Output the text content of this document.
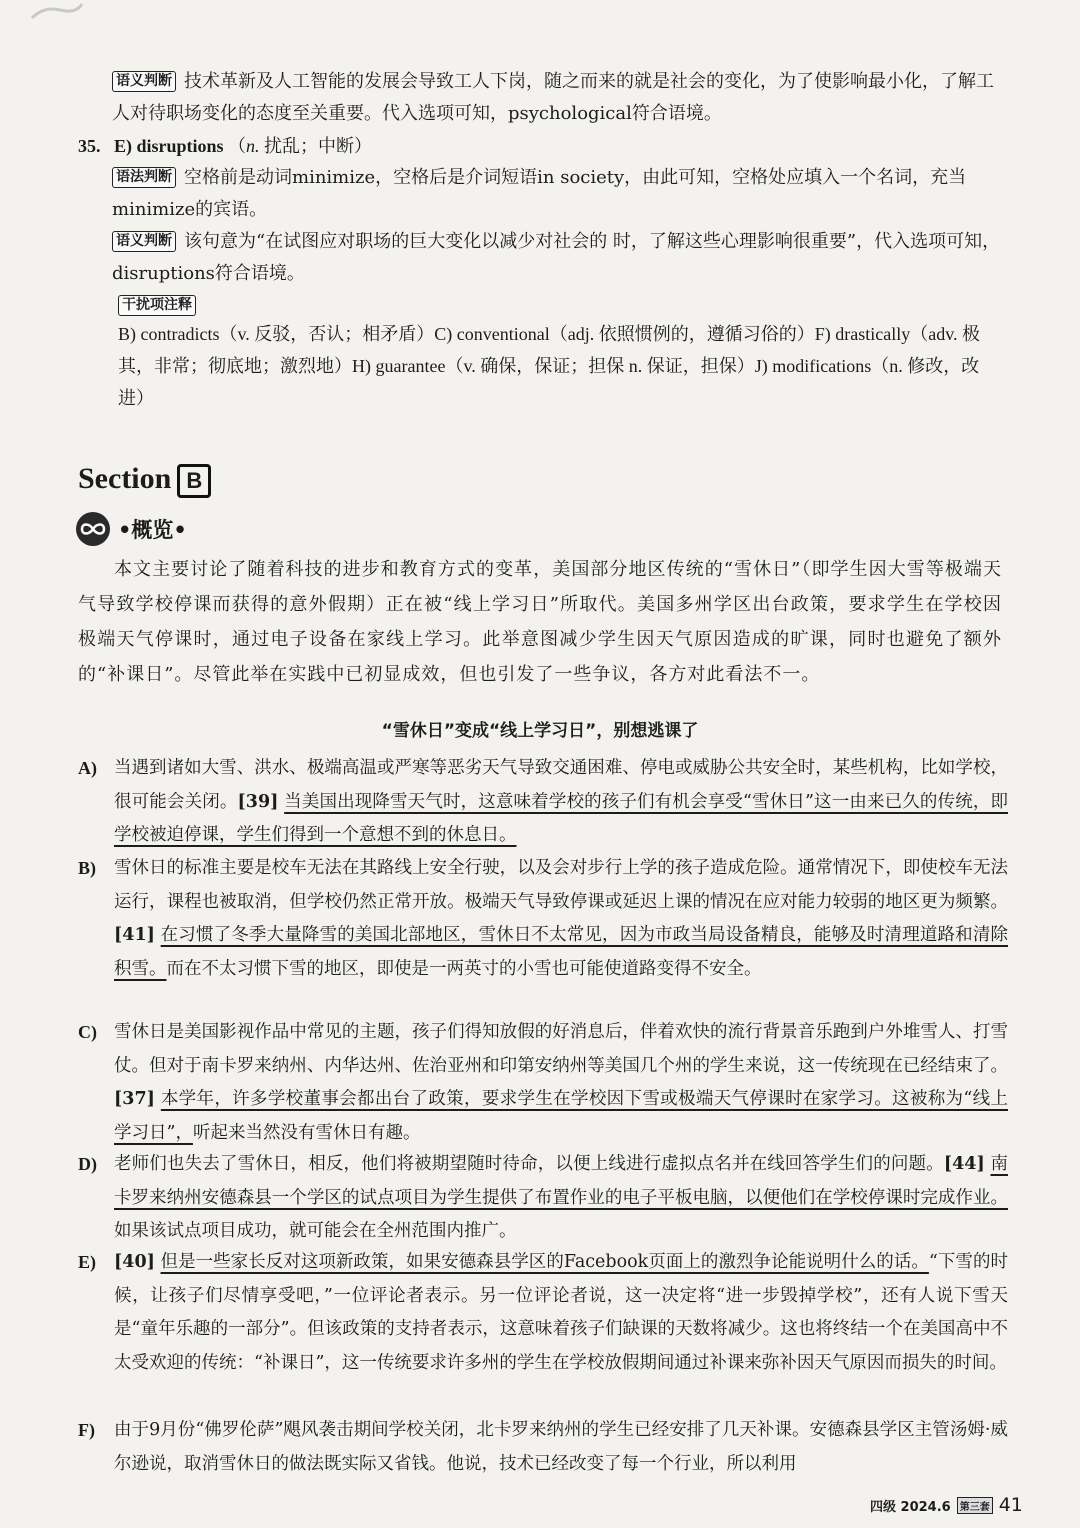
语义判断 技术革新及人工智能的发展会导致工人下岗，随之而来的就是社会的变化，为了使影响最小化，了解工人对待职场变化的态度至关重要。代入选项可知，psychological符合语境。
35. E) disruptions （n. 扰乱；中断）
语法判断 空格前是动词minimize，空格后是介词短语in society，由此可知，空格处应填入一个名词，充当minimize的宾语。
语义判断 该句意为“在试图应对职场的巨大变化以减少对社会的 时，了解这些心理影响很重要”，代入选项可知，disruptions符合语境。
干扰项注释
B) contradicts（v. 反驳，否认；相矛盾）C) conventional（adj. 依照惯例的，遵循习俗的）F) drastically（adv. 极其，非常；彻底地；激烈地）H) guarantee（v. 确保，保证；担保 n. 保证，担保）J) modifications（n. 修改，改进）
Section B
•概览•
本文主要讨论了随着科技的进步和教育方式的变革，美国部分地区传统的“雪休日”（即学生因大雪等极端天气导致学校停课而获得的意外假期）正在被“线上学习日”所取代。美国多州学区出台政策，要求学生在学校因极端天气停课时，通过电子设备在家线上学习。此举意图减少学生因天气原因造成的旷课，同时也避免了额外的“补课日”。尽管此举在实践中已初显成效，但也引发了一些争议，各方对此看法不一。
“雪休日”变成“线上学习日”，别想逃课了
A) 当遇到诸如大雪、洪水、极端高温或严寒等恶劣天气导致交通困难、停电或威胁公共安全时，某些机构，比如学校，很可能会关闭。[39] 当美国出现降雪天气时，这意味着学校的孩子们有机会享受“雪休日”这一由来已久的传统，即学校被迫停课，学生们得到一个意想不到的休息日。
B)	雪休日的标准主要是校车无法在其路线上安全行驶，以及会对步行上学的孩子造成危险。通常情况下，即使校车无法运行，课程也被取消，但学校仍然正常开放。极端天气导致停课或延迟上课的情况在应对能力较弱的地区更为频繁。[41] 在习惯了冬季大量降雪的美国北部地区，雪休日不太常见，因为市政当局设备精良，能够及时清理道路和清除积雪。而在不太习惯下雪的地区，即使是一两英寸的小雪也可能使道路变得不安全。
C) 雪休日是美国影视作品中常见的主题，孩子们得知放假的好消息后，伴着欢快的流行背景音乐跑到户外堆雪人、打雪仗。但对于南卡罗来纳州、内华达州、佐治亚州和印第安纳州等美国几个州的学生来说，这一传统现在已经结束了。[37] 本学年，许多学校董事会都出台了政策，要求学生在学校因下雪或极端天气停课时在家学习。这被称为“线上学习日”，听起来当然没有雪休日有趣。
D) 老师们也失去了雪休日，相反，他们将被期望随时待命，以便上线进行虚拟点名并在线回答学生们的问题。[44] 南卡罗来纳州安德森县一个学区的试点项目为学生提供了布置作业的电子平板电脑，以便他们在学校停课时完成作业。如果该试点项目成功，就可能会在全州范围内推广。
E)	[40] 但是一些家长反对这项新政策，如果安德森县学区的Facebook页面上的激烈争论能说明什么的话。“下雪的时候，让孩子们尽情享受吧，”一位评论者表示。另一位评论者说，这一决定将“进一步毁掉学校”，还有人说下雪天是“童年乐趣的一部分”。但该政策的支持者表示，这意味着孩子们缺课的天数将减少。这也将终结一个在美国高中不太受欢迎的传统：“补课日”，这一传统要求许多州的学生在学校放假期间通过补课来弥补因天气原因而损失的时间。
F)	由于9月份“佛罗伦萨”飓风袭击期间学校关闭，北卡罗来纳州的学生已经安排了几天补课。安德森县学区主管汤姆·威尔逊说，取消雪休日的做法既实际又省钱。他说，技术已经改变了每一个行业，所以利用
四级 2024.6 第三套 41
